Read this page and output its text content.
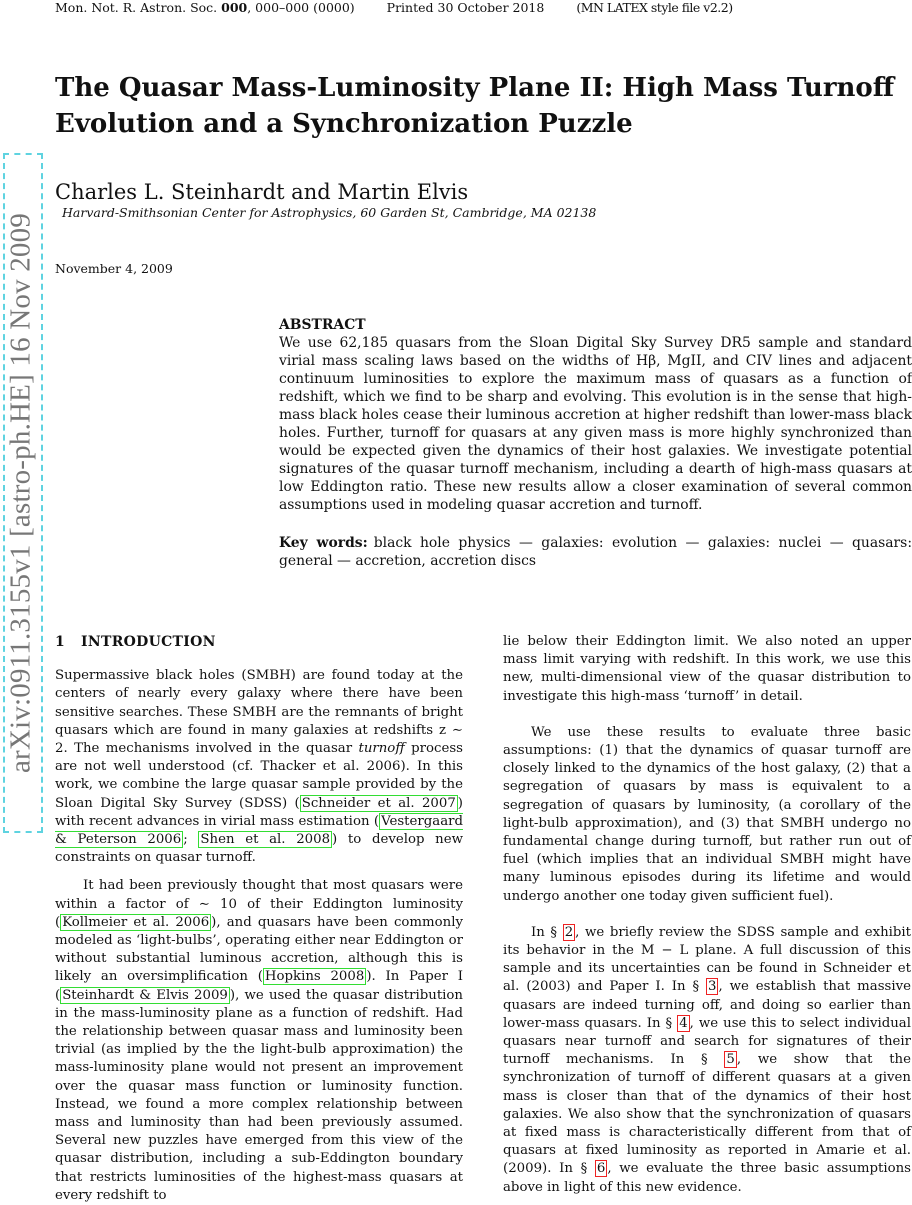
Mon. Not. R. Astron. Soc. 000, 000–000 (0000)	Printed 30 October 2018	(MN LATEX style file v2.2)
The Quasar Mass-Luminosity Plane II: High Mass Turnoff Evolution and a Synchronization Puzzle
Charles L. Steinhardt and Martin Elvis
Harvard-Smithsonian Center for Astrophysics, 60 Garden St, Cambridge, MA 02138
November 4, 2009
arXiv:0911.3155v1 [astro-ph.HE] 16 Nov 2009	ABSTRACT
We use 62,185 quasars from the Sloan Digital Sky Survey DR5 sample and standard virial mass scaling laws based on the widths of Hβ, MgII, and CIV lines and adjacent continuum luminosities to explore the maximum mass of quasars as a function of redshift, which we find to be sharp and evolving. This evolution is in the sense that high-mass black holes cease their luminous accretion at higher redshift than lower-mass black holes. Further, turnoff for quasars at any given mass is more highly synchronized than would be expected given the dynamics of their host galaxies. We investigate potential signatures of the quasar turnoff mechanism, including a dearth of high-mass quasars at low Eddington ratio. These new results allow a closer examination of several common assumptions used in modeling quasar accretion and turnoff.
Key words: black hole physics — galaxies: evolution — galaxies: nuclei — quasars: general — accretion, accretion discs
1 INTRODUCTION

Supermassive black holes (SMBH) are found today at the centers of nearly every galaxy where there have been sensitive searches. These SMBH are the remnants of bright quasars which are found in many galaxies at redshifts z ∼ 2. The mechanisms involved in the quasar turnoff process are not well understood (cf. Thacker et al. 2006). In this work, we combine the large quasar sample provided by the Sloan Digital Sky Survey (SDSS) ( Schneider et al. 2007 ) with recent advances in virial mass estimation ( Vestergaard & Peterson 2006 ; Shen et al. 2008 ) to develop new constraints on quasar turnoff.

It had been previously thought that most quasars were within a factor of ∼ 10 of their Eddington luminosity ( Kollmeier et al. 2006 ), and quasars have been commonly modeled as ‘light-bulbs’, operating either near Eddington or without substantial luminous accretion, although this is likely an oversimplification ( Hopkins 2008 ). In Paper I ( Steinhardt & Elvis 2009 ), we used the quasar distribution in the mass-luminosity plane as a function of redshift. Had the relationship between quasar mass and luminosity been trivial (as implied by the the light-bulb approximation) the mass-luminosity plane would not present an improvement over the quasar mass function or luminosity function. Instead, we found a more complex relationship between mass and luminosity than had been previously assumed. Several new puzzles have emerged from this view of the quasar distribution, including a sub-Eddington boundary that restricts luminosities of the highest-mass quasars at every redshift to

lie below their Eddington limit. We also noted an upper mass limit varying with redshift. In this work, we use this new, multi-dimensional view of the quasar distribution to investigate this high-mass ‘turnoff’ in detail.

We use these results to evaluate three basic assumptions: (1) that the dynamics of quasar turnoff are closely linked to the dynamics of the host galaxy, (2) that a segregation of quasars by mass is equivalent to a segregation of quasars by luminosity, (a corollary of the light-bulb approximation), and (3) that SMBH undergo no fundamental change during turnoff, but rather run out of fuel (which implies that an individual SMBH might have many luminous episodes during its lifetime and would undergo another one today given sufficient fuel).

In § 2 , we briefly review the SDSS sample and exhibit its behavior in the M − L plane. A full discussion of this sample and its uncertainties can be found in Schneider et al. (2003) and Paper I. In § 3 , we establish that massive quasars are indeed turning off, and doing so earlier than lower-mass quasars. In § 4 , we use this to select individual quasars near turnoff and search for signatures of their turnoff mechanisms. In § 5 , we show that the synchronization of turnoff of different quasars at a given mass is closer than that of the dynamics of their host galaxies. We also show that the synchronization of quasars at fixed mass is characteristically different from that of quasars at fixed luminosity as reported in Amarie et al. (2009). In § 6 , we evaluate the three basic assumptions above in light of this new evidence.
